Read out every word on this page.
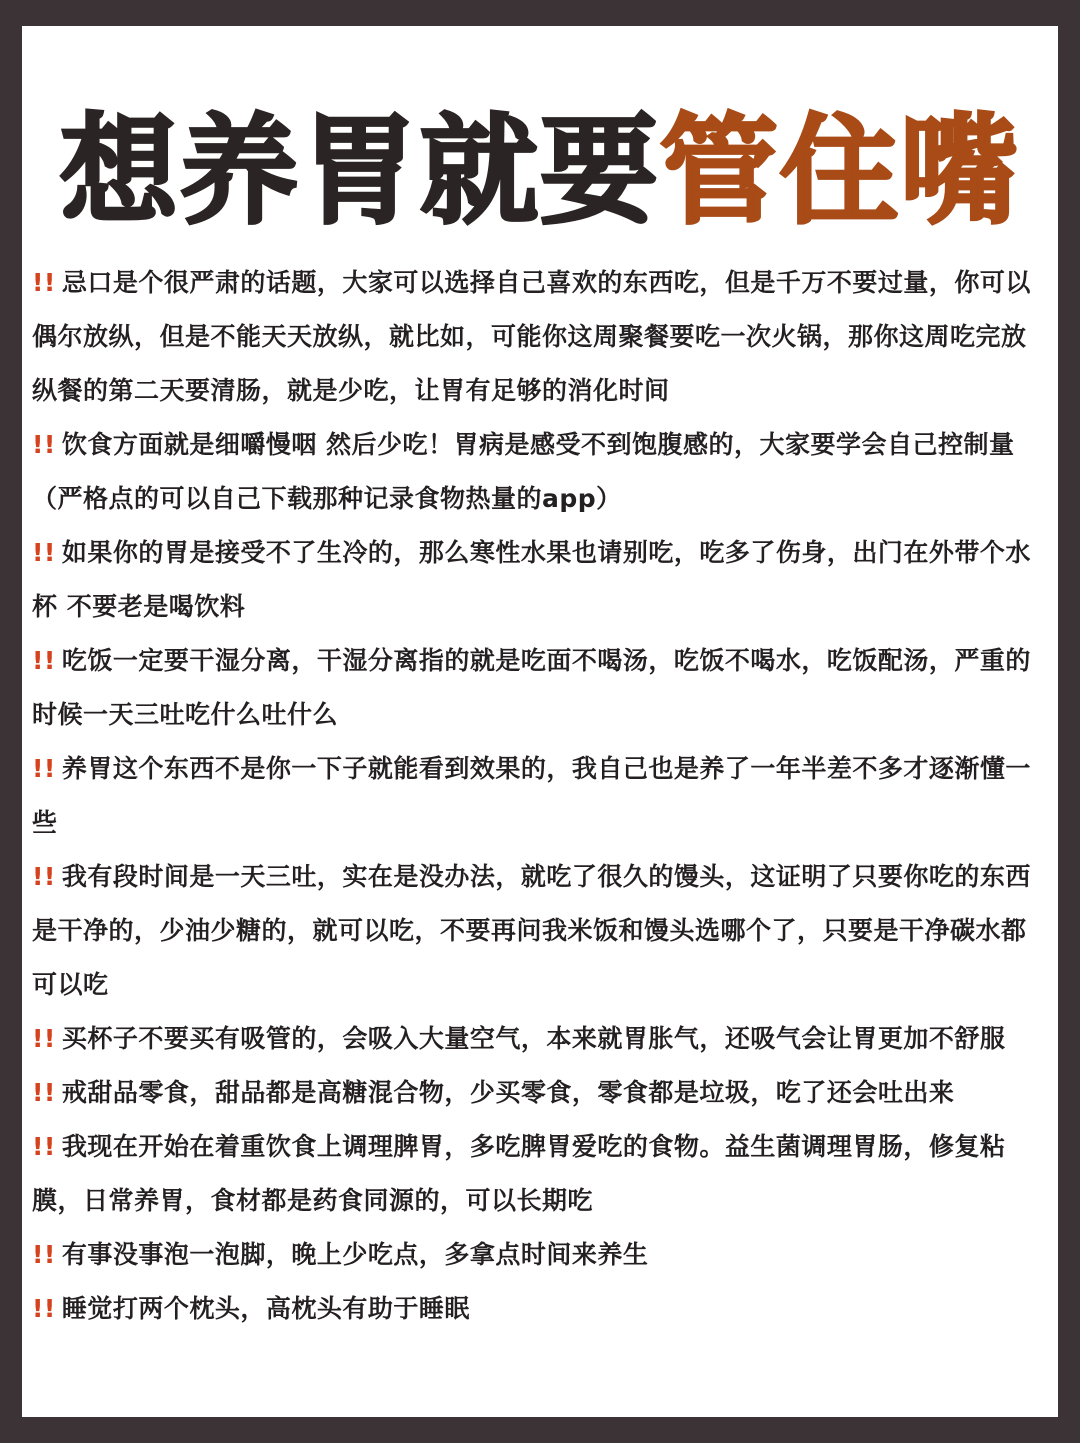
想养胃就要管住嘴
!! 忌口是个很严肃的话题，大家可以选择自己喜欢的东西吃，但是千万不要过量，你可以偶尔放纵，但是不能天天放纵，就比如，可能你这周聚餐要吃一次火锅，那你这周吃完放纵餐的第二天要清肠，就是少吃，让胃有足够的消化时间
!! 饮食方面就是细嚼慢咽 然后少吃！胃病是感受不到饱腹感的，大家要学会自己控制量（严格点的可以自己下载那种记录食物热量的app）
!! 如果你的胃是接受不了生冷的，那么寒性水果也请别吃，吃多了伤身，出门在外带个水杯 不要老是喝饮料
!! 吃饭一定要干湿分离，干湿分离指的就是吃面不喝汤，吃饭不喝水，吃饭配汤，严重的时候一天三吐吃什么吐什么
!! 养胃这个东西不是你一下子就能看到效果的，我自己也是养了一年半差不多才逐渐懂一些
!! 我有段时间是一天三吐，实在是没办法，就吃了很久的馒头，这证明了只要你吃的东西是干净的，少油少糖的，就可以吃，不要再问我米饭和馒头选哪个了，只要是干净碳水都可以吃
!! 买杯子不要买有吸管的，会吸入大量空气，本来就胃胀气，还吸气会让胃更加不舒服
!! 戒甜品零食，甜品都是高糖混合物，少买零食，零食都是垃圾，吃了还会吐出来
!! 我现在开始在着重饮食上调理脾胃，多吃脾胃爱吃的食物。益生菌调理胃肠，修复粘膜，日常养胃，食材都是药食同源的，可以长期吃
!! 有事没事泡一泡脚，晚上少吃点，多拿点时间来养生
!! 睡觉打两个枕头，高枕头有助于睡眠
